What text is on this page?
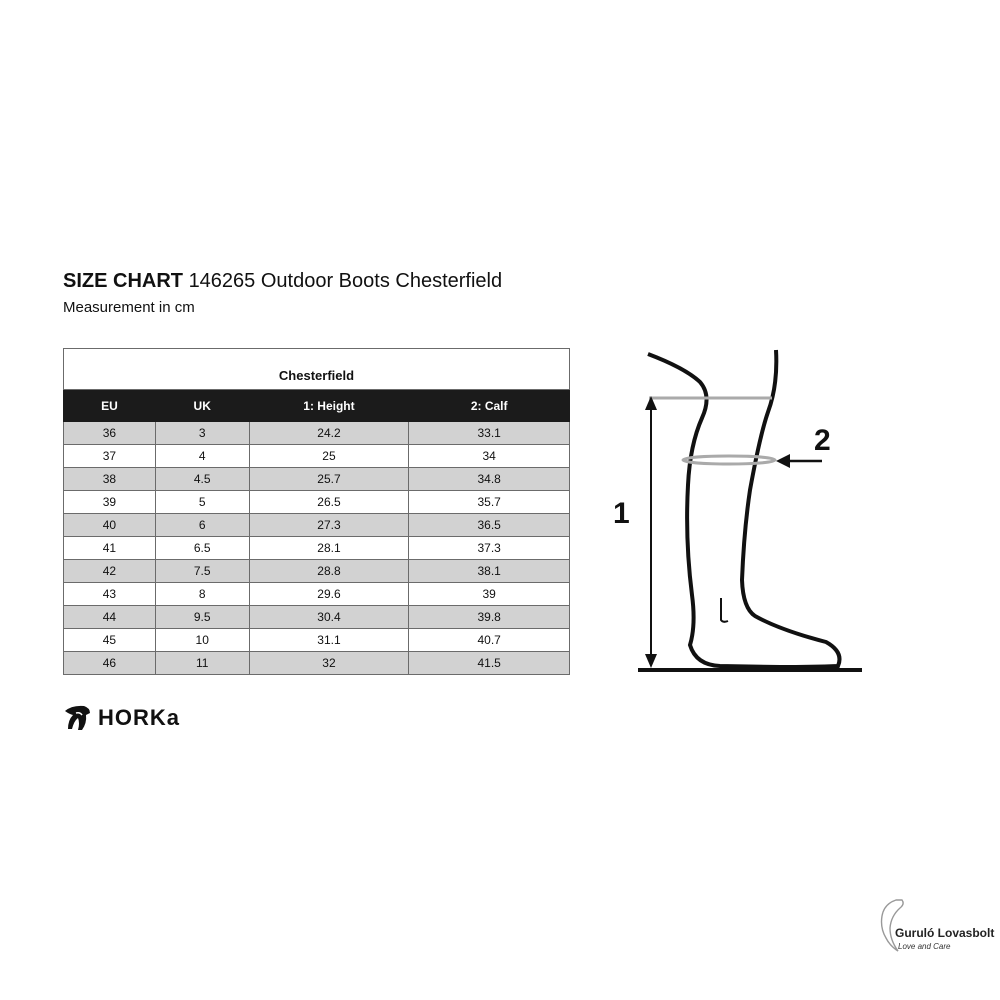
SIZE CHART 146265 Outdoor Boots Chesterfield
Measurement in cm
Chesterfield			
EU	UK	1: Height	2: Calf
36	3	24.2	33.1
37	4	25	34
38	4.5	25.7	34.8
39	5	26.5	35.7
40	6	27.3	36.5
41	6.5	28.1	37.3
42	7.5	28.8	38.1
43	8	29.6	39
44	9.5	30.4	39.8
45	10	31.1	40.7
46	11	32	41.5
HORKa
1
2
Guruló Lovasbolt
Love and Care
